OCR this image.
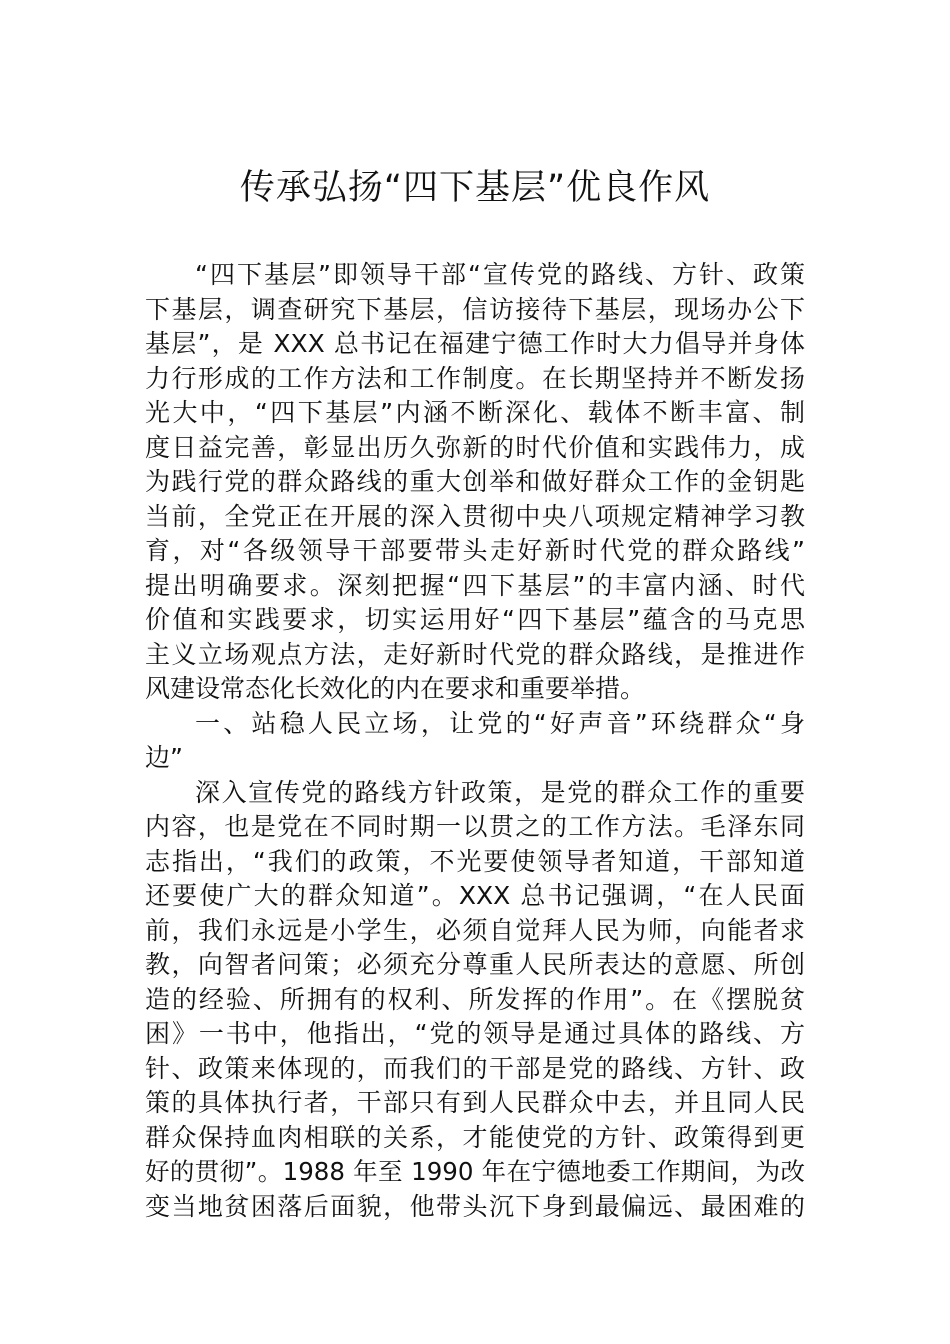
传承弘扬“四下基层”优良作风
“四下基层”即领导干部“宣传党的路线、方针、政策
下基层，调查研究下基层，信访接待下基层，现场办公下
基层”，是 XXX 总书记在福建宁德工作时大力倡导并身体
力行形成的工作方法和工作制度。在长期坚持并不断发扬
光大中，“四下基层”内涵不断深化、载体不断丰富、制
度日益完善，彰显出历久弥新的时代价值和实践伟力，成
为践行党的群众路线的重大创举和做好群众工作的金钥匙
当前，全党正在开展的深入贯彻中央八项规定精神学习教
育，对“各级领导干部要带头走好新时代党的群众路线”
提出明确要求。深刻把握“四下基层”的丰富内涵、时代
价值和实践要求，切实运用好“四下基层”蕴含的马克思
主义立场观点方法，走好新时代党的群众路线，是推进作
风建设常态化长效化的内在要求和重要举措。
一、站稳人民立场，让党的“好声音”环绕群众“身
边”
深入宣传党的路线方针政策，是党的群众工作的重要
内容，也是党在不同时期一以贯之的工作方法。毛泽东同
志指出，“我们的政策，不光要使领导者知道，干部知道
还要使广大的群众知道”。XXX 总书记强调，“在人民面
前，我们永远是小学生，必须自觉拜人民为师，向能者求
教，向智者问策；必须充分尊重人民所表达的意愿、所创
造的经验、所拥有的权利、所发挥的作用”。在《摆脱贫
困》一书中，他指出，“党的领导是通过具体的路线、方
针、政策来体现的，而我们的干部是党的路线、方针、政
策的具体执行者，干部只有到人民群众中去，并且同人民
群众保持血肉相联的关系，才能使党的方针、政策得到更
好的贯彻”。1988 年至 1990 年在宁德地委工作期间，为改
变当地贫困落后面貌，他带头沉下身到最偏远、最困难的
